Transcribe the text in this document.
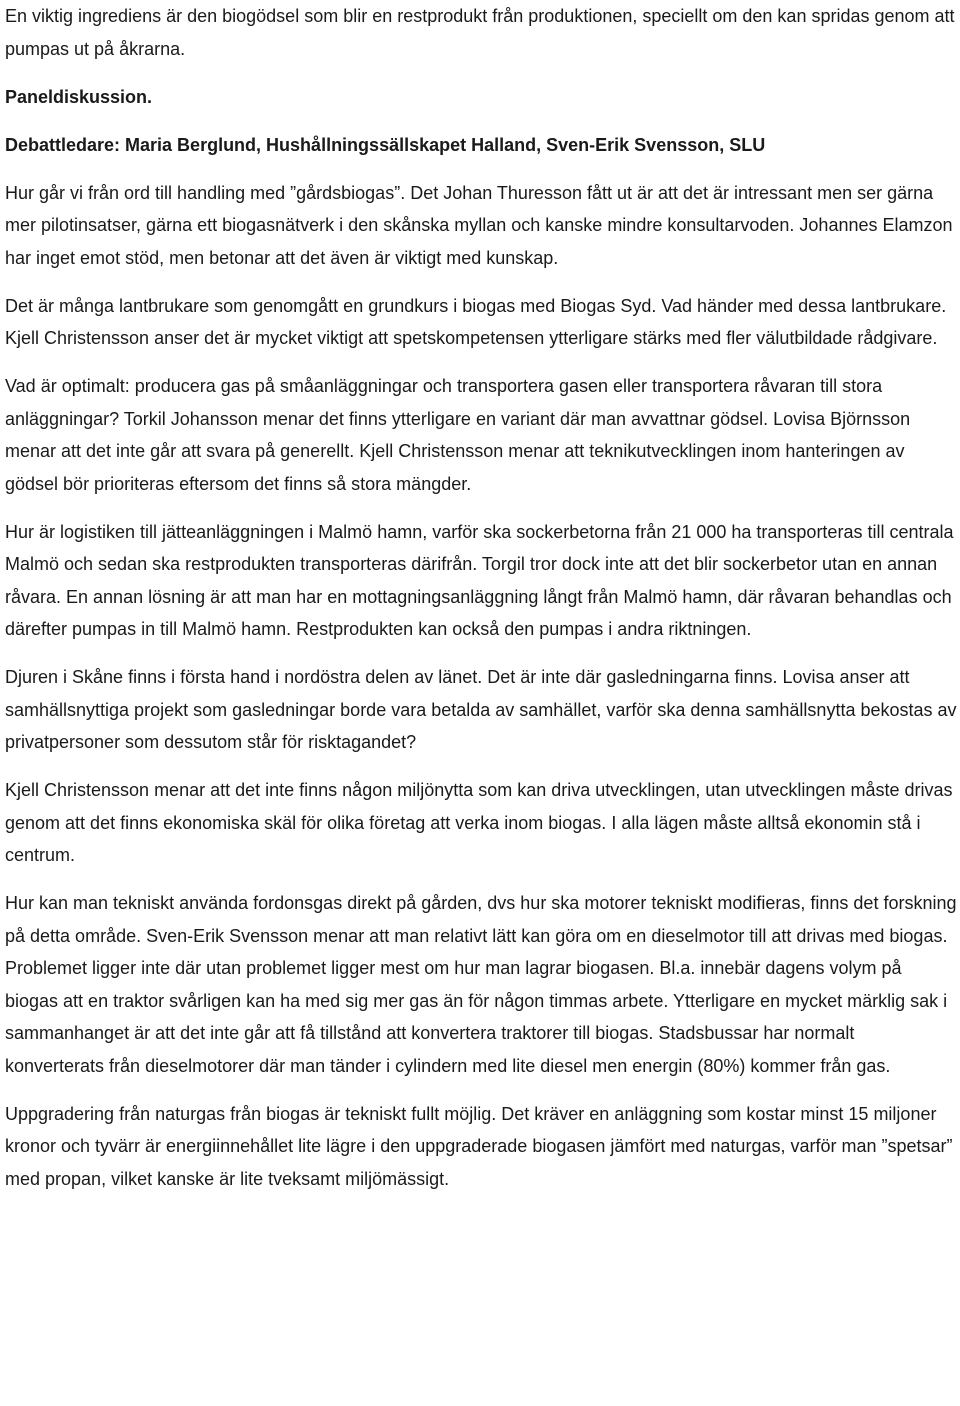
En viktig ingrediens är den biogödsel som blir en restprodukt från produktionen, speciellt om den kan spridas genom att pumpas ut på åkrarna.

Paneldiskussion.

Debattledare: Maria Berglund, Hushållningssällskapet Halland, Sven-Erik Svensson, SLU

Hur går vi från ord till handling med ”gårdsbiogas”. Det Johan Thuresson fått ut är att det är intressant men ser gärna mer pilotinsatser, gärna ett biogasnätverk i den skånska myllan och kanske mindre konsultarvoden. Johannes Elamzon har inget emot stöd, men betonar att det även är viktigt med kunskap.

Det är många lantbrukare som genomgått en grundkurs i biogas med Biogas Syd. Vad händer med dessa lantbrukare. Kjell Christensson anser det är mycket viktigt att spetskompetensen ytterligare stärks med fler välutbildade rådgivare.

Vad är optimalt: producera gas på småanläggningar och transportera gasen eller transportera råvaran till stora anläggningar? Torkil Johansson menar det finns ytterligare en variant där man avvattnar gödsel. Lovisa Björnsson menar att det inte går att svara på generellt. Kjell Christensson menar att teknikutvecklingen inom hanteringen av gödsel bör prioriteras eftersom det finns så stora mängder.

Hur är logistiken till jätteanläggningen i Malmö hamn, varför ska sockerbetorna från 21 000 ha transporteras till centrala Malmö och sedan ska restprodukten transporteras därifrån. Torgil tror dock inte att det blir sockerbetor utan en annan råvara. En annan lösning är att man har en mottagningsanläggning långt från Malmö hamn, där råvaran behandlas och därefter pumpas in till Malmö hamn. Restprodukten kan också den pumpas i andra riktningen.

Djuren i Skåne finns i första hand i nordöstra delen av länet. Det är inte där gasledningarna finns. Lovisa anser att samhällsnyttiga projekt som gasledningar borde vara betalda av samhället, varför ska denna samhällsnytta bekostas av privatpersoner som dessutom står för risktagandet?

Kjell Christensson menar att det inte finns någon miljönytta som kan driva utvecklingen, utan utvecklingen måste drivas genom att det finns ekonomiska skäl för olika företag att verka inom biogas. I alla lägen måste alltså ekonomin stå i centrum.

Hur kan man tekniskt använda fordonsgas direkt på gården, dvs hur ska motorer tekniskt modifieras, finns det forskning på detta område. Sven-Erik Svensson menar att man relativt lätt kan göra om en dieselmotor till att drivas med biogas. Problemet ligger inte där utan problemet ligger mest om hur man lagrar biogasen. Bl.a. innebär dagens volym på biogas att en traktor svårligen kan ha med sig mer gas än för någon timmas arbete. Ytterligare en mycket märklig sak i sammanhanget är att det inte går att få tillstånd att konvertera traktorer till biogas. Stadsbussar har normalt konverterats från dieselmotorer där man tänder i cylindern med lite diesel men energin (80%) kommer från gas.

Uppgradering från naturgas från biogas är tekniskt fullt möjlig. Det kräver en anläggning som kostar minst 15 miljoner kronor och tyvärr är energiinnehållet lite lägre i den uppgraderade biogasen jämfört med naturgas, varför man ”spetsar” med propan, vilket kanske är lite tveksamt miljömässigt.
